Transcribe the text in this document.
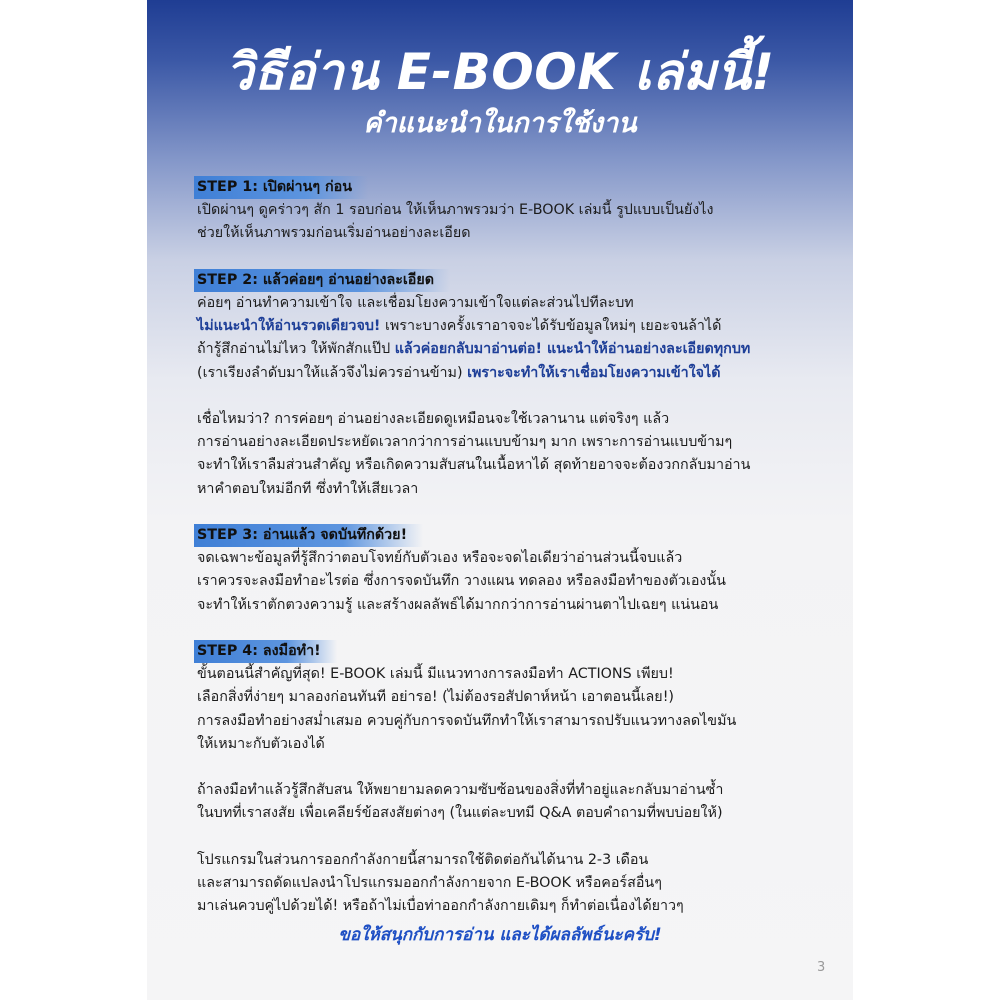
วิธีอ่าน E-BOOK เล่มนี้!
คำแนะนำในการใช้งาน

STEP 1: เปิดผ่านๆ ก่อน

เปิดผ่านๆ ดูคร่าวๆ สัก 1 รอบก่อน ให้เห็นภาพรวมว่า E-BOOK เล่มนี้ รูปแบบเป็นยังไง

ช่วยให้เห็นภาพรวมก่อนเริ่มอ่านอย่างละเอียด

STEP 2: แล้วค่อยๆ อ่านอย่างละเอียด

ค่อยๆ อ่านทำความเข้าใจ และเชื่อมโยงความเข้าใจแต่ละส่วนไปทีละบท

ไม่แนะนำให้อ่านรวดเดียวจบ! เพราะบางครั้งเราอาจจะได้รับข้อมูลใหม่ๆ เยอะจนล้าได้

ถ้ารู้สึกอ่านไม่ไหว ให้พักสักแป๊ป แล้วค่อยกลับมาอ่านต่อ! แนะนำให้อ่านอย่างละเอียดทุกบท

(เราเรียงลำดับมาให้แล้วจึงไม่ควรอ่านข้าม) เพราะจะทำให้เราเชื่อมโยงความเข้าใจได้

เชื่อไหมว่า? การค่อยๆ อ่านอย่างละเอียดดูเหมือนจะใช้เวลานาน แต่จริงๆ แล้ว

การอ่านอย่างละเอียดประหยัดเวลากว่าการอ่านแบบข้ามๆ มาก เพราะการอ่านแบบข้ามๆ

จะทำให้เราลืมส่วนสำคัญ หรือเกิดความสับสนในเนื้อหาได้ สุดท้ายอาจจะต้องวกกลับมาอ่าน

หาคำตอบใหม่อีกที ซึ่งทำให้เสียเวลา

STEP 3: อ่านแล้ว จดบันทึกด้วย!

จดเฉพาะข้อมูลที่รู้สึกว่าตอบโจทย์กับตัวเอง หรือจะจดไอเดียว่าอ่านส่วนนี้จบแล้ว

เราควรจะลงมือทำอะไรต่อ ซึ่งการจดบันทึก วางแผน ทดลอง หรือลงมือทำของตัวเองนั้น

จะทำให้เราตักตวงความรู้ และสร้างผลลัพธ์ได้มากกว่าการอ่านผ่านตาไปเฉยๆ แน่นอน

STEP 4: ลงมือทำ!

ขั้นตอนนี้สำคัญที่สุด! E-BOOK เล่มนี้ มีแนวทางการลงมือทำ ACTIONS เพียบ!

เลือกสิ่งที่ง่ายๆ มาลองก่อนทันที อย่ารอ! (ไม่ต้องรอสัปดาห์หน้า เอาตอนนี้เลย!)

การลงมือทำอย่างสม่ำเสมอ ควบคู่กับการจดบันทึกทำให้เราสามารถปรับแนวทางลดไขมัน

ให้เหมาะกับตัวเองได้

ถ้าลงมือทำแล้วรู้สึกสับสน ให้พยายามลดความซับซ้อนของสิ่งที่ทำอยู่และกลับมาอ่านซ้ำ

ในบทที่เราสงสัย เพื่อเคลียร์ข้อสงสัยต่างๆ (ในแต่ละบทมี Q&A ตอบคำถามที่พบบ่อยให้)

โปรแกรมในส่วนการออกกำลังกายนี้สามารถใช้ติดต่อกันได้นาน 2-3 เดือน

และสามารถดัดแปลงนำโปรแกรมออกกำลังกายจาก E-BOOK หรือคอร์สอื่นๆ

มาเล่นควบคู่ไปด้วยได้! หรือถ้าไม่เบื่อท่าออกกำลังกายเดิมๆ ก็ทำต่อเนื่องได้ยาวๆ

ขอให้สนุกกับการอ่าน และได้ผลลัพธ์นะครับ!
3
